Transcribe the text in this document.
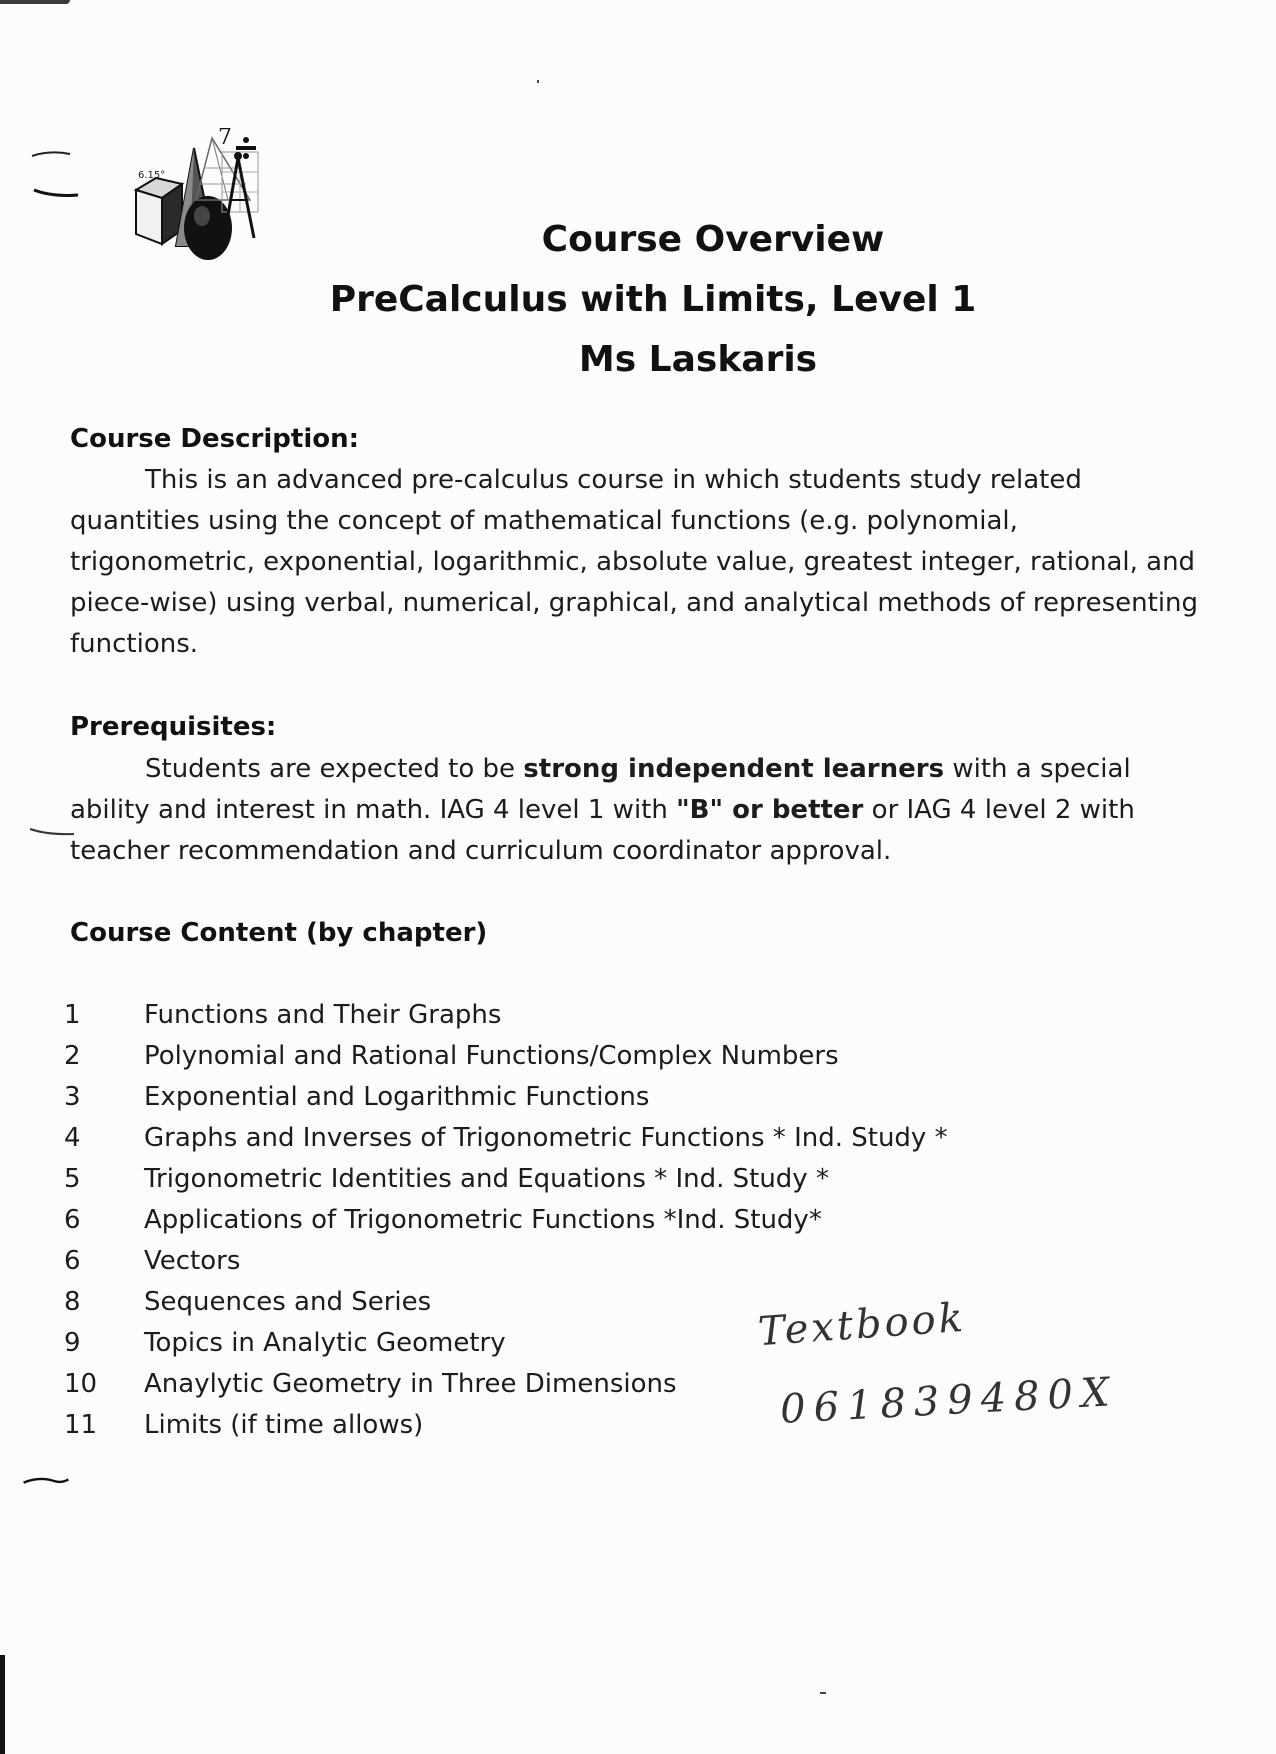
7
6.15°
Course Overview
PreCalculus with Limits, Level 1
Ms Laskaris
Course Description:
This is an advanced pre-calculus course in which students study related quantities using the concept of mathematical functions (e.g. polynomial, trigonometric, exponential, logarithmic, absolute value, greatest integer, rational, and piece-wise) using verbal, numerical, graphical, and analytical methods of representing functions.
Prerequisites:
Students are expected to be strong independent learners with a special ability and interest in math. IAG 4 level 1 with "B" or better or IAG 4 level 2 with teacher recommendation and curriculum coordinator approval.
Course Content (by chapter)
1	Functions and Their Graphs
2	Polynomial and Rational Functions/Complex Numbers
3	Exponential and Logarithmic Functions
4	Graphs and Inverses of Trigonometric Functions * Ind. Study *
5	Trigonometric Identities and Equations * Ind. Study *
6	Applications of Trigonometric Functions *Ind. Study*
6	Vectors
8	Sequences and Series
9	Topics in Analytic Geometry
10	Anaylytic Geometry in Three Dimensions
11	Limits (if time allows)
Textbook
061839480X
